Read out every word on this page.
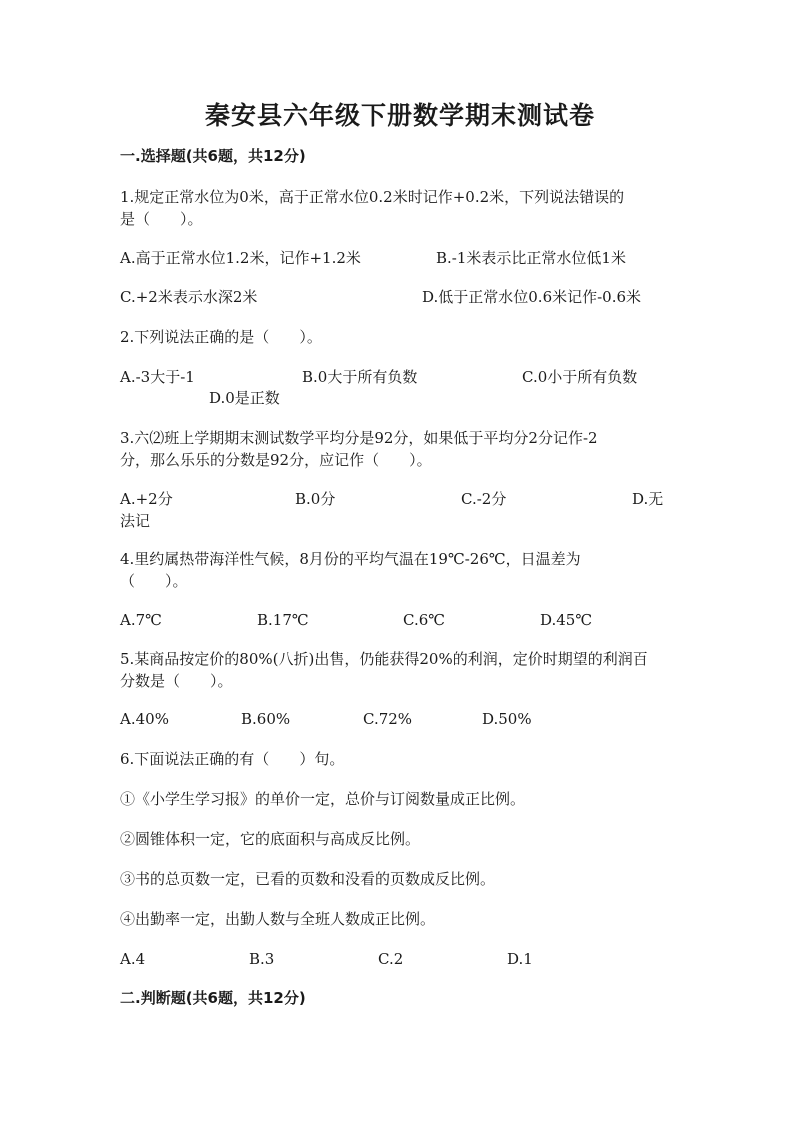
秦安县六年级下册数学期末测试卷
一.选择题(共6题，共12分)
1.规定正常水位为0米，高于正常水位0.2米时记作+0.2米，下列说法错误的
是（　　）。
A.高于正常水位1.2米，记作+1.2米	B.-1米表示比正常水位低1米
C.+2米表示水深2米	D.低于正常水位0.6米记作-0.6米
2.下列说法正确的是（　　）。
A.-3大于-1	B.0大于所有负数	C.0小于所有负数
D.0是正数
3.六⑵班上学期期末测试数学平均分是92分，如果低于平均分2分记作-2
分，那么乐乐的分数是92分，应记作（　　）。
A.+2分	B.0分	C.-2分	D.无
法记
4.里约属热带海洋性气候，8月份的平均气温在19℃-26℃，日温差为
（　　）。
A.7℃	B.17℃	C.6℃	D.45℃
5.某商品按定价的80%(八折)出售，仍能获得20%的利润，定价时期望的利润百
分数是（　　）。
A.40%	B.60%	C.72%	D.50%
6.下面说法正确的有（　　）句。
①《小学生学习报》的单价一定，总价与订阅数量成正比例。
②圆锥体积一定，它的底面积与高成反比例。
③书的总页数一定，已看的页数和没看的页数成反比例。
④出勤率一定，出勤人数与全班人数成正比例。
A.4	B.3	C.2	D.1
二.判断题(共6题，共12分)
